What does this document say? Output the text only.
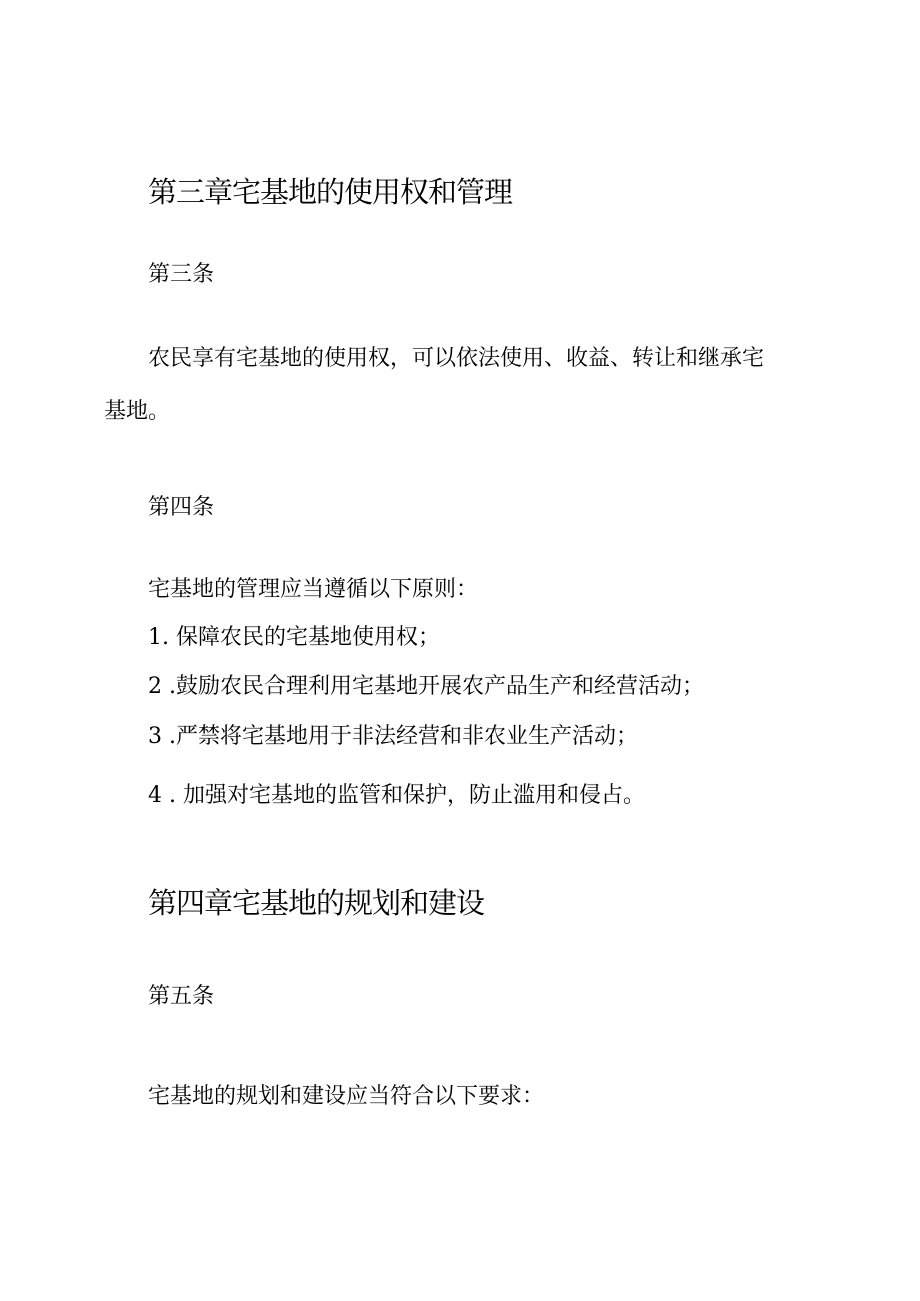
第三章宅基地的使用权和管理
第三条
农民享有宅基地的使用权，可以依法使用、收益、转让和继承宅
基地。
第四条
宅基地的管理应当遵循以下原则：
1. 保障农民的宅基地使用权；
2 .鼓励农民合理利用宅基地开展农产品生产和经营活动；
3 .严禁将宅基地用于非法经营和非农业生产活动；
4 . 加强对宅基地的监管和保护，防止滥用和侵占。
第四章宅基地的规划和建设
第五条
宅基地的规划和建设应当符合以下要求：
